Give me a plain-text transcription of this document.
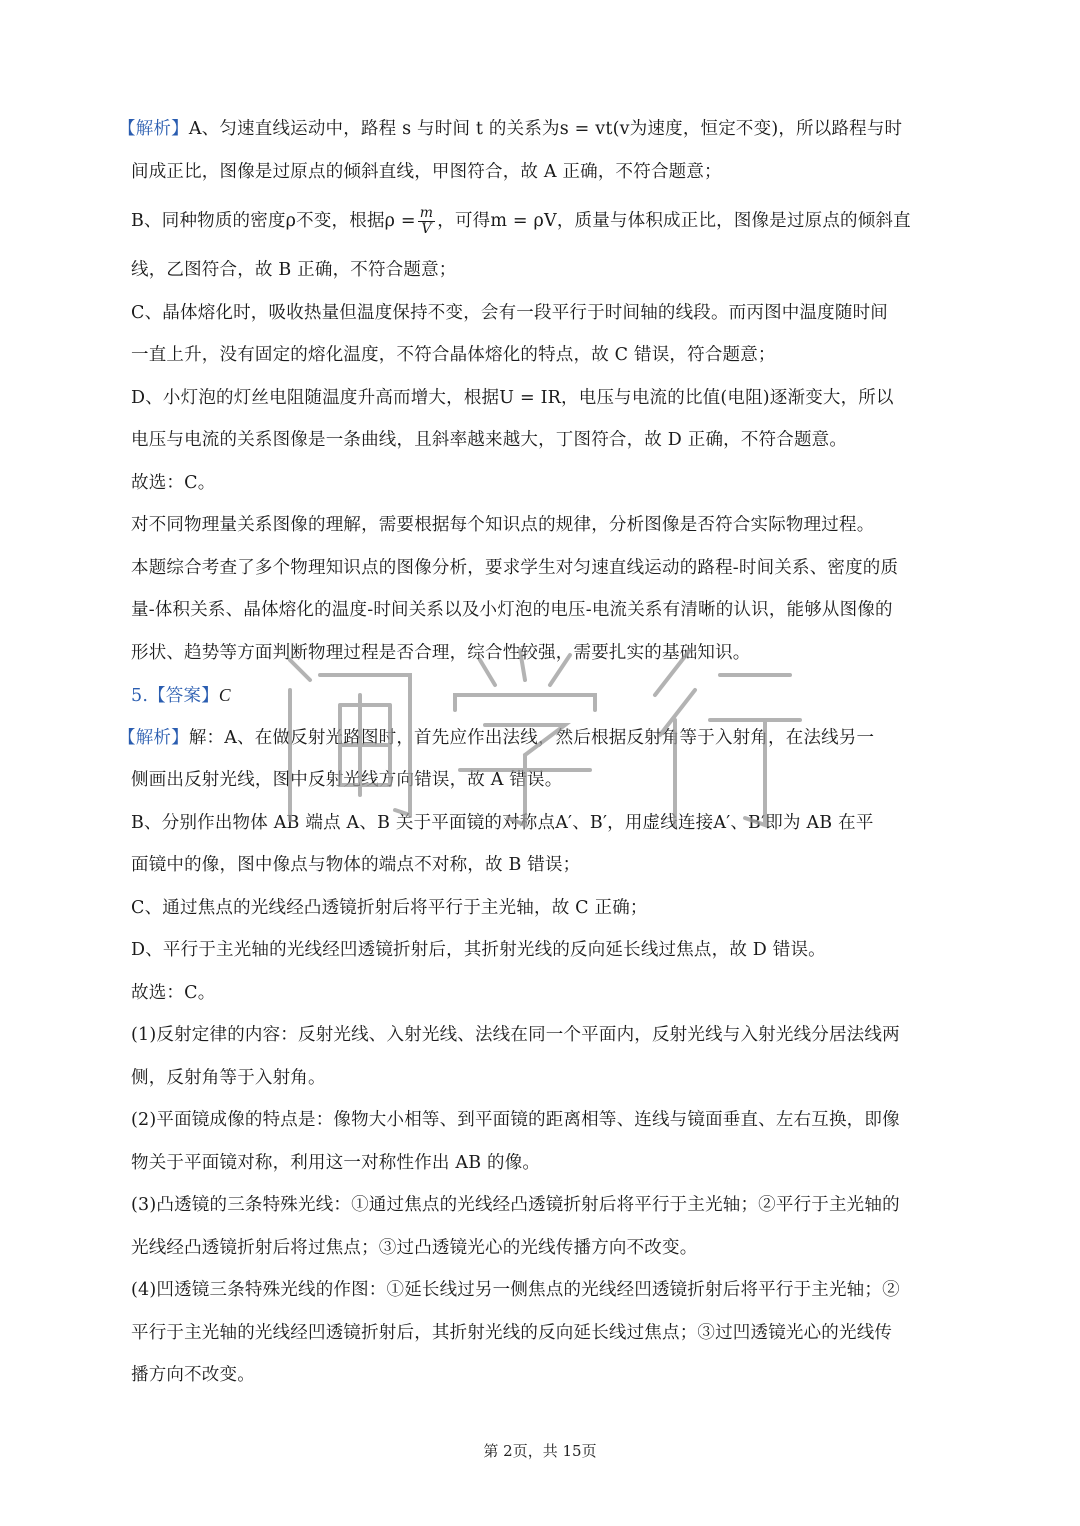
【解析】A、匀速直线运动中，路程 s 与时间 t 的关系为s = vt(v为速度，恒定不变)，所以路程与时
间成正比，图像是过原点的倾斜直线，甲图符合，故 A 正确，不符合题意；
B、同种物质的密度ρ不变，根据$\rho = \frac{m}{V}$ ，可得m = ρV，质量与体积成正比，图像是过原点的倾斜直
线，乙图符合，故 B 正确，不符合题意；
C、晶体熔化时，吸收热量但温度保持不变，会有一段平行于时间轴的线段。而丙图中温度随时间
一直上升，没有固定的熔化温度，不符合晶体熔化的特点，故 C 错误，符合题意；
D、小灯泡的灯丝电阻随温度升高而增大，根据U = IR，电压与电流的比值(电阻)逐渐变大，所以
电压与电流的关系图像是一条曲线，且斜率越来越大，丁图符合，故 D 正确，不符合题意。
故选：C。
对不同物理量关系图像的理解，需要根据每个知识点的规律，分析图像是否符合实际物理过程。
本题综合考查了多个物理知识点的图像分析，要求学生对匀速直线运动的路程-时间关系、密度的质
量-体积关系、晶体熔化的温度-时间关系以及小灯泡的电压-电流关系有清晰的认识，能够从图像的
形状、趋势等方面判断物理过程是否合理，综合性较强，需要扎实的基础知识。
5.【答案】C
【解析】解：A、在做反射光路图时，首先应作出法线，然后根据反射角等于入射角，在法线另一
侧画出反射光线，图中反射光线方向错误，故 A 错误。
B、分别作出物体 AB 端点 A、B 关于平面镜的对称点A′、B′，用虚线连接A′、B′即为 AB 在平
面镜中的像，图中像点与物体的端点不对称，故 B 错误；
C、通过焦点的光线经凸透镜折射后将平行于主光轴，故 C 正确；
D、平行于主光轴的光线经凹透镜折射后，其折射光线的反向延长线过焦点，故 D 错误。
故选：C。
(1)反射定律的内容：反射光线、入射光线、法线在同一个平面内，反射光线与入射光线分居法线两
侧，反射角等于入射角。
(2)平面镜成像的特点是：像物大小相等、到平面镜的距离相等、连线与镜面垂直、左右互换，即像
物关于平面镜对称，利用这一对称性作出 AB 的像。
(3)凸透镜的三条特殊光线：①通过焦点的光线经凸透镜折射后将平行于主光轴；②平行于主光轴的
光线经凸透镜折射后将过焦点；③过凸透镜光心的光线传播方向不改变。
(4)凹透镜三条特殊光线的作图：①延长线过另一侧焦点的光线经凹透镜折射后将平行于主光轴；②
平行于主光轴的光线经凹透镜折射后，其折射光线的反向延长线过焦点；③过凹透镜光心的光线传
播方向不改变。
第 2页，共 15页
